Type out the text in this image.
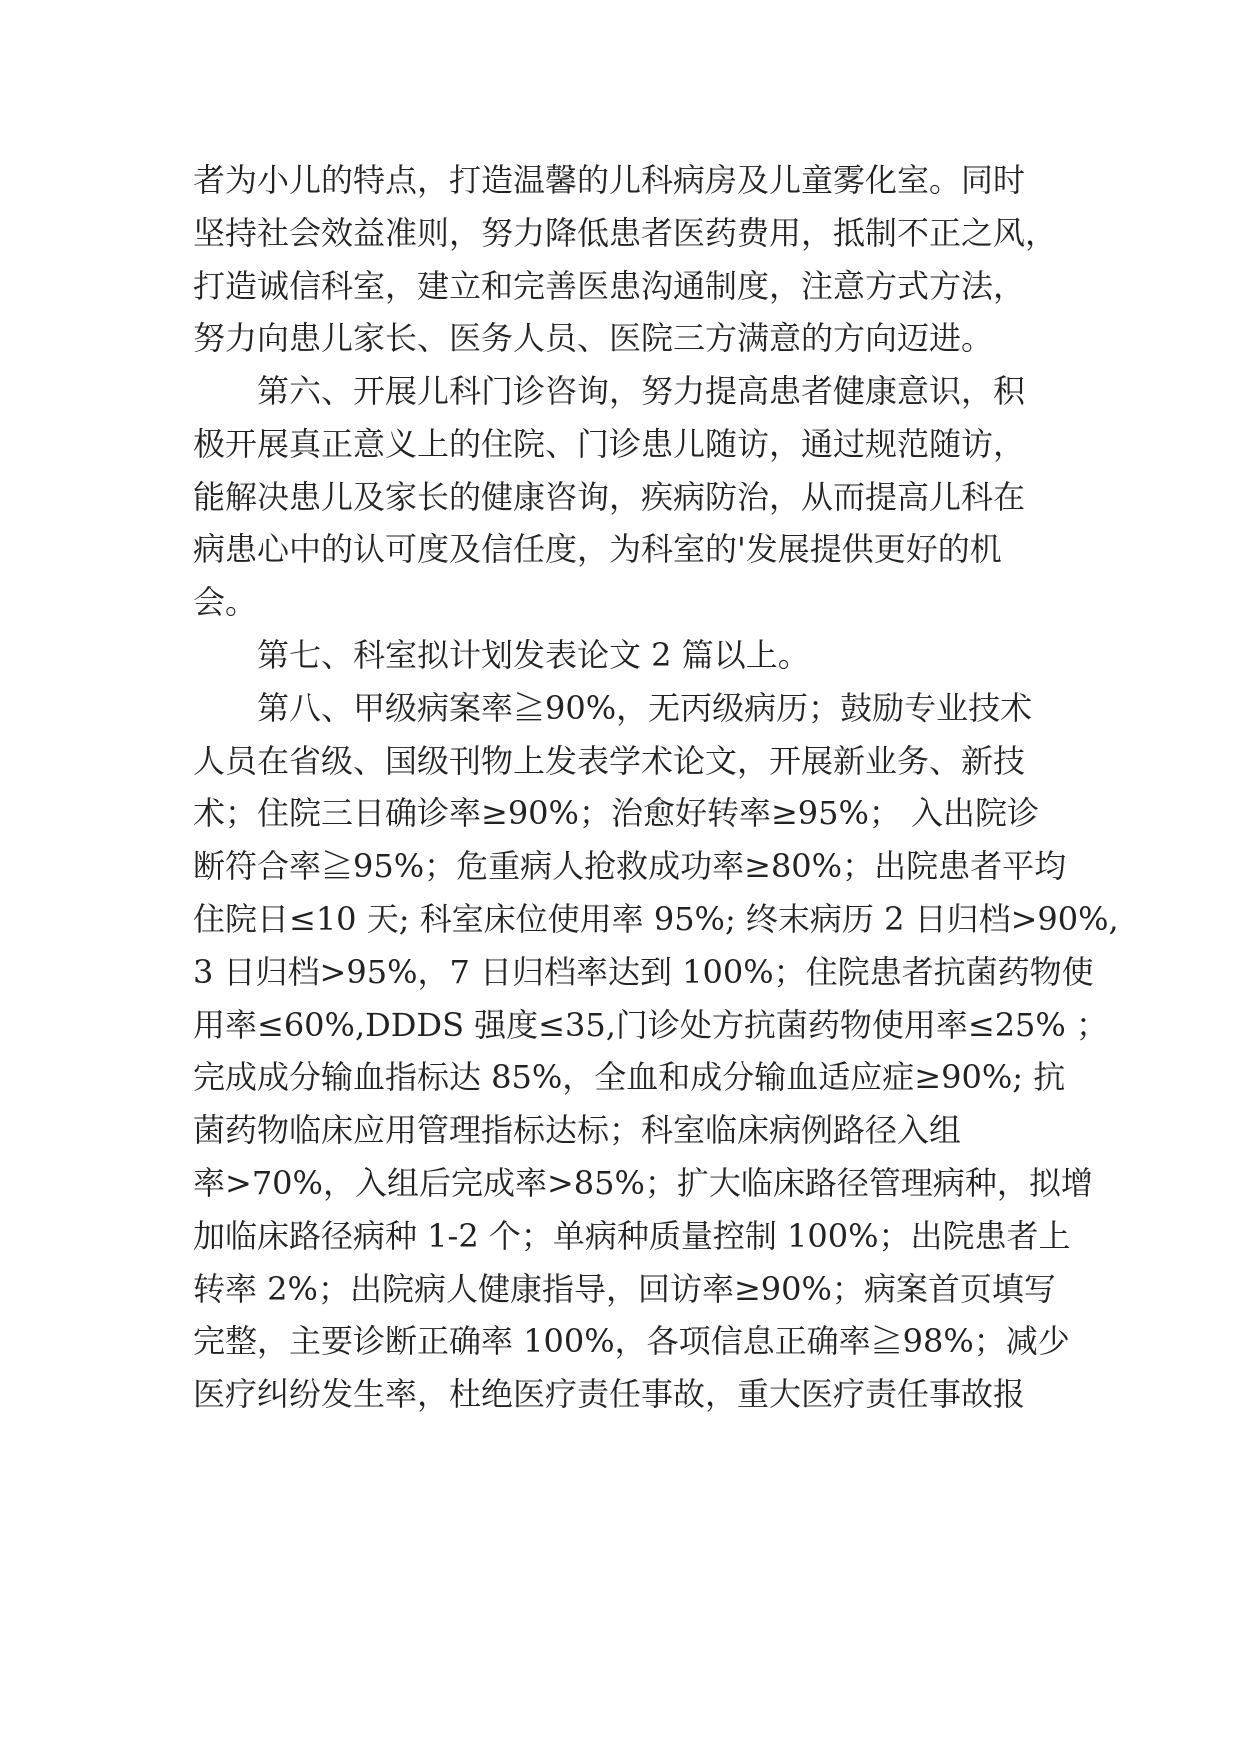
者为小儿的特点，打造温馨的儿科病房及儿童雾化室。同时
坚持社会效益准则，努力降低患者医药费用，抵制不正之风，
打造诚信科室，建立和完善医患沟通制度，注意方式方法，
努力向患儿家长、医务人员、医院三方满意的方向迈进。
第六、开展儿科门诊咨询，努力提高患者健康意识，积
极开展真正意义上的住院、门诊患儿随访，通过规范随访，
能解决患儿及家长的健康咨询，疾病防治，从而提高儿科在
病患心中的认可度及信任度，为科室的'发展提供更好的机
会。
第七、科室拟计划发表论文 2 篇以上。
第八、甲级病案率≧90%，无丙级病历；鼓励专业技术
人员在省级、国级刊物上发表学术论文，开展新业务、新技
术；住院三日确诊率≥90%；治愈好转率≥95%； 入出院诊
断符合率≧95%；危重病人抢救成功率≥80%；出院患者平均
住院日≤10 天; 科室床位使用率 95%; 终末病历 2 日归档>90%,
3 日归档>95%，7 日归档率达到 100%；住院患者抗菌药物使
用率≤60%,DDDS 强度≤35,门诊处方抗菌药物使用率≤25% ；
完成成分输血指标达 85%，全血和成分输血适应症≥90%; 抗
菌药物临床应用管理指标达标；科室临床病例路径入组
率>70%，入组后完成率>85%；扩大临床路径管理病种，拟增
加临床路径病种 1-2 个；单病种质量控制 100%；出院患者上
转率 2%；出院病人健康指导，回访率≥90%；病案首页填写
完整，主要诊断正确率 100%，各项信息正确率≧98%；减少
医疗纠纷发生率，杜绝医疗责任事故，重大医疗责任事故报
